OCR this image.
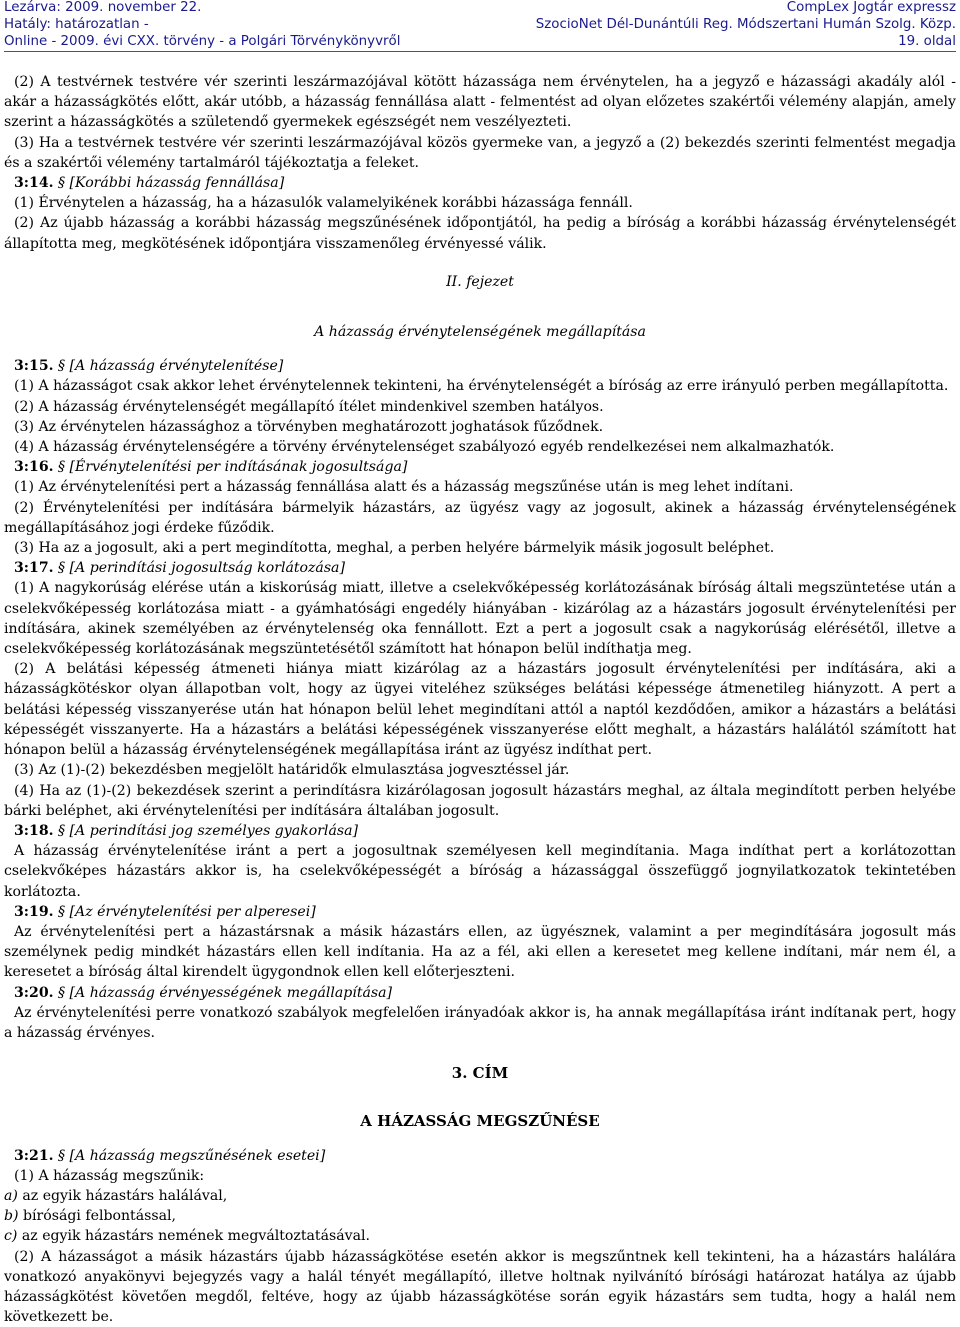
Lezárva: 2009. november 22.
Hatály: határozatlan -
Online - 2009. évi CXX. törvény - a Polgári Törvénykönyvről
CompLex Jogtár expressz
SzocioNet Dél-Dunántúli Reg. Módszertani Humán Szolg. Közp.
19. oldal

(2) A testvérnek testvére vér szerinti leszármazójával kötött házassága nem érvénytelen, ha a jegyző e házassági akadály alól - akár a házasságkötés előtt, akár utóbb, a házasság fennállása alatt - felmentést ad olyan előzetes szakértői vélemény alapján, amely szerint a házasságkötés a születendő gyermekek egészségét nem veszélyezteti.

(3) Ha a testvérnek testvére vér szerinti leszármazójával közös gyermeke van, a jegyző a (2) bekezdés szerinti felmentést megadja és a szakértői vélemény tartalmáról tájékoztatja a feleket.

3:14. § [Korábbi házasság fennállása]

(1) Érvénytelen a házasság, ha a házasulók valamelyikének korábbi házassága fennáll.

(2) Az újabb házasság a korábbi házasság megszűnésének időpontjától, ha pedig a bíróság a korábbi házasság érvénytelenségét állapította meg, megkötésének időpontjára visszamenőleg érvényessé válik.

II. fejezet

A házasság érvénytelenségének megállapítása

3:15. § [A házasság érvénytelenítése]

(1) A házasságot csak akkor lehet érvénytelennek tekinteni, ha érvénytelenségét a bíróság az erre irányuló perben megállapította.

(2) A házasság érvénytelenségét megállapító ítélet mindenkivel szemben hatályos.

(3) Az érvénytelen házassághoz a törvényben meghatározott joghatások fűződnek.

(4) A házasság érvénytelenségére a törvény érvénytelenséget szabályozó egyéb rendelkezései nem alkalmazhatók.

3:16. § [Érvénytelenítési per indításának jogosultsága]

(1) Az érvénytelenítési pert a házasság fennállása alatt és a házasság megszűnése után is meg lehet indítani.

(2) Érvénytelenítési per indítására bármelyik házastárs, az ügyész vagy az jogosult, akinek a házasság érvénytelenségének megállapításához jogi érdeke fűződik.

(3) Ha az a jogosult, aki a pert megindította, meghal, a perben helyére bármelyik másik jogosult beléphet.

3:17. § [A perindítási jogosultság korlátozása]

(1) A nagykorúság elérése után a kiskorúság miatt, illetve a cselekvőképesség korlátozásának bíróság általi megszüntetése után a cselekvőképesség korlátozása miatt - a gyámhatósági engedély hiányában - kizárólag az a házastárs jogosult érvénytelenítési per indítására, akinek személyében az érvénytelenség oka fennállott. Ezt a pert a jogosult csak a nagykorúság elérésétől, illetve a cselekvőképesség korlátozásának megszüntetésétől számított hat hónapon belül indíthatja meg.

(2) A belátási képesség átmeneti hiánya miatt kizárólag az a házastárs jogosult érvénytelenítési per indítására, aki a házasságkötéskor olyan állapotban volt, hogy az ügyei viteléhez szükséges belátási képessége átmenetileg hiányzott. A pert a belátási képesség visszanyerése után hat hónapon belül lehet megindítani attól a naptól kezdődően, amikor a házastárs a belátási képességét visszanyerte. Ha a házastárs a belátási képességének visszanyerése előtt meghalt, a házastárs halálától számított hat hónapon belül a házasság érvénytelenségének megállapítása iránt az ügyész indíthat pert.

(3) Az (1)-(2) bekezdésben megjelölt határidők elmulasztása jogvesztéssel jár.

(4) Ha az (1)-(2) bekezdések szerint a perindításra kizárólagosan jogosult házastárs meghal, az általa megindított perben helyébe bárki beléphet, aki érvénytelenítési per indítására általában jogosult.

3:18. § [A perindítási jog személyes gyakorlása]

A házasság érvénytelenítése iránt a pert a jogosultnak személyesen kell megindítania. Maga indíthat pert a korlátozottan cselekvőképes házastárs akkor is, ha cselekvőképességét a bíróság a házassággal összefüggő jognyilatkozatok tekintetében korlátozta.

3:19. § [Az érvénytelenítési per alperesei]

Az érvénytelenítési pert a házastársnak a másik házastárs ellen, az ügyésznek, valamint a per megindítására jogosult más személynek pedig mindkét házastárs ellen kell indítania. Ha az a fél, aki ellen a keresetet meg kellene indítani, már nem él, a keresetet a bíróság által kirendelt ügygondnok ellen kell előterjeszteni.

3:20. § [A házasság érvényességének megállapítása]

Az érvénytelenítési perre vonatkozó szabályok megfelelően irányadóak akkor is, ha annak megállapítása iránt indítanak pert, hogy a házasság érvényes.

3. CÍM

A HÁZASSÁG MEGSZŰNÉSE

3:21. § [A házasság megszűnésének esetei]

(1) A házasság megszűnik:

a) az egyik házastárs halálával,

b) bírósági felbontással,

c) az egyik házastárs nemének megváltoztatásával.

(2) A házasságot a másik házastárs újabb házasságkötése esetén akkor is megszűntnek kell tekinteni, ha a házastárs halálára vonatkozó anyakönyvi bejegyzés vagy a halál tényét megállapító, illetve holtnak nyilvánító bírósági határozat hatálya az újabb házasságkötést követően megdől, feltéve, hogy az újabb házasságkötése során egyik házastárs sem tudta, hogy a halál nem következett be.
